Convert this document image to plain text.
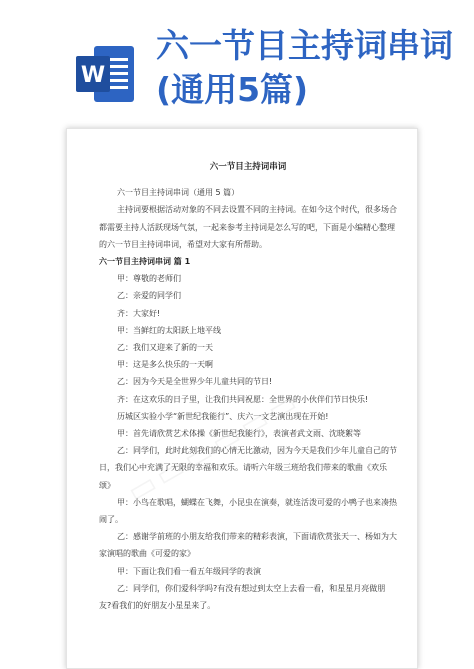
W
六一节目主持词串词(通用5篇)
六一节目主持词串词

六一节目主持词串词（通用 5 篇）

主持词要根据活动对象的不同去设置不同的主持词。在如今这个时代，很多场合都需要主持人活跃现场气氛，一起来参考主持词是怎么写的吧，下面是小编精心整理的六一节目主持词串词，希望对大家有所帮助。

六一节目主持词串词 篇 1

甲：尊敬的老师们

乙：亲爱的同学们

齐：大家好!

甲：当鲜红的太阳跃上地平线

乙：我们又迎来了新的一天

甲：这是多么快乐的一天啊

乙：因为今天是全世界少年儿童共同的节日!

齐：在这欢乐的日子里，让我们共同祝愿：全世界的小伙伴们节日快乐!

历城区实验小学“新世纪我能行”、庆六一文艺演出现在开始!

甲：首先请欣赏艺术体操《新世纪我能行》，表演者武文雨、沈晓絮等

乙：同学们，此时此刻我们的心情无比激动，因为今天是我们少年儿童自己的节日，我们心中充满了无限的幸福和欢乐。请听六年级三班给我们带来的歌曲《欢乐颂》

甲：小鸟在歌唱，蝴蝶在飞舞，小昆虫在演奏，就连活泼可爱的小鸭子也来凑热闹了。

乙：感谢学前班的小朋友给我们带来的精彩表演，下面请欣赏张天一、杨如为大家演唱的歌曲《可爱的家》

甲：下面让我们看一看五年级同学的表演

乙：同学们，你们爱科学吗?有没有想过到太空上去看一看，和星星月亮做朋友?看我们的好朋友小星星来了。
